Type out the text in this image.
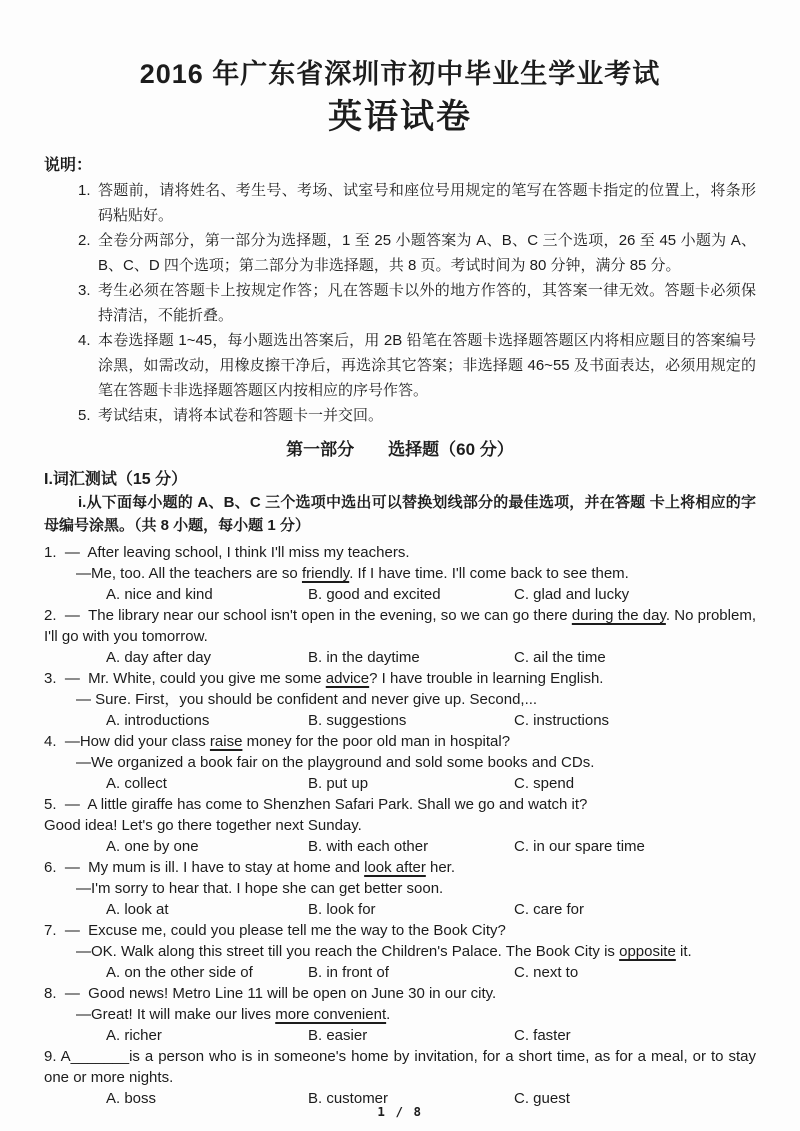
2016 年广东省深圳市初中毕业生学业考试
英语试卷
说明：
1. 答题前，请将姓名、考生号、考场、试室号和座位号用规定的笔写在答题卡指定的位置上，将条形码粘贴好。
2. 全卷分两部分，第一部分为选择题，1 至 25 小题答案为 A、B、C 三个选项，26 至 45 小题为 A、B、C、D 四个选项；第二部分为非选择题，共 8 页。考试时间为 80 分钟，满分 85 分。
3. 考生必须在答题卡上按规定作答；凡在答题卡以外的地方作答的，其答案一律无效。答题卡必须保持清洁，不能折叠。
4. 本卷选择题 1~45，每小题选出答案后，用 2B 铅笔在答题卡选择题答题区内将相应题目的答案编号涂黑，如需改动，用橡皮擦干净后，再选涂其它答案；非选择题 46~55 及书面表达，必须用规定的笔在答题卡非选择题答题区内按相应的序号作答。
5. 考试结束，请将本试卷和答题卡一并交回。
第一部分 选择题（60 分）
I.词汇测试（15 分）
i.从下面每小题的 A、B、C 三个选项中选出可以替换划线部分的最佳选项，并在答题 卡上将相应的字母编号涂黑。（共 8 小题，每小题 1 分）
1.  —  After leaving school, I think I'll miss my teachers.
—Me, too. All the teachers are so friendly. If I have time. I'll come back to see them.
A. nice and kind	B. good and excited	C. glad and lucky
2.  —  The library near our school isn't open in the evening, so we can go there during the day. No problem, I'll go with you tomorrow.
A. day after day	B. in the daytime	C. ail the time
3.  —  Mr. White, could you give me some advice? I have trouble in learning English.
— Sure. First，you should be confident and never give up. Second,...
A. introductions	B. suggestions	C. instructions
4.  —How did your class raise money for the poor old man in hospital?
—We organized a book fair on the playground and sold some books and CDs.
A. collect	B. put up	C. spend
5.  —  A little giraffe has come to Shenzhen Safari Park. Shall we go and watch it?
Good idea! Let's go there together next Sunday.
A. one by one	B. with each other	C. in our spare time
6.  —  My mum is ill. I have to stay at home and look after her.
—I'm sorry to hear that. I hope she can get better soon.
A. look at	B. look for	C. care for
7.  —  Excuse me, could you please tell me the way to the Book City?
—OK. Walk along this street till you reach the Children's Palace. The Book City is opposite it.
A. on the other side of	B. in front of	C. next to
8.  —  Good news! Metro Line 11 will be open on June 30 in our city.
—Great! It will make our lives more convenient.
A. richer	B. easier	C. faster
9. A_______is a person who is in someone's home by invitation, for a short time, as for a meal, or to stay one or more nights.
A. boss	B. customer	C. guest
1 / 8
